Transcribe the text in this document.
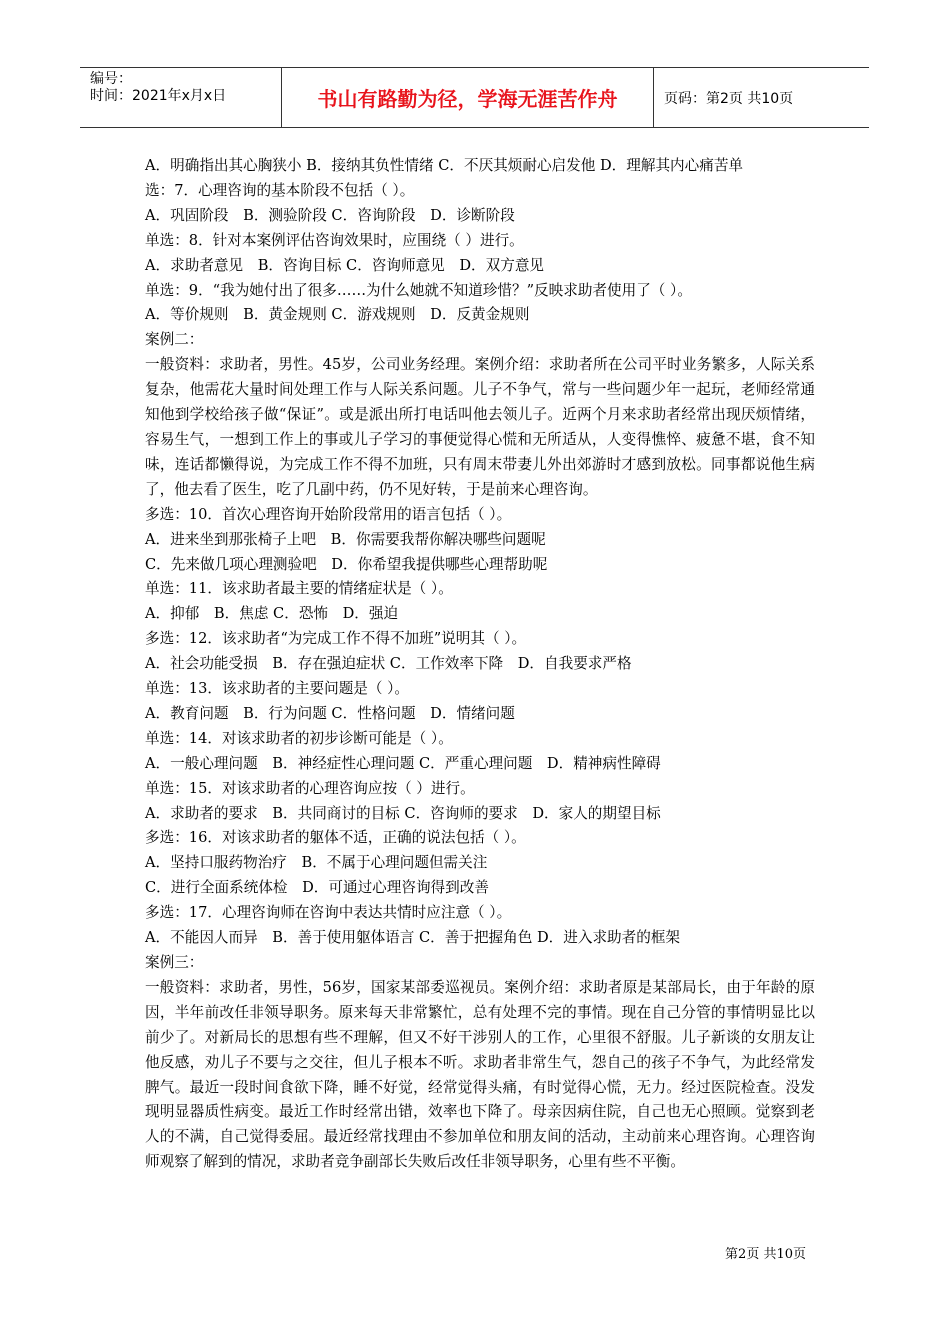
编号：
时间：2021年x月x日	书山有路勤为径，学海无涯苦作舟	页码：第2页 共10页
A．明确指出其心胸狭小 B．接纳其负性情绪 C．不厌其烦耐心启发他 D．理解其内心痛苦单
选：7．心理咨询的基本阶段不包括（ ）。
A．巩固阶段　B．测验阶段 C．咨询阶段　D．诊断阶段
单选：8．针对本案例评估咨询效果时，应围绕（ ）进行。
A．求助者意见　B．咨询目标 C．咨询师意见　D．双方意见
单选：9．“我为她付出了很多……为什么她就不知道珍惜？”反映求助者使用了（ ）。
A．等价规则　B．黄金规则 C．游戏规则　D．反黄金规则
案例二：
一般资料：求助者，男性。45岁，公司业务经理。案例介绍：求助者所在公司平时业务繁多，人际关系复杂，他需花大量时间处理工作与人际关系问题。儿子不争气，常与一些问题少年一起玩，老师经常通知他到学校给孩子做“保证”。或是派出所打电话叫他去领儿子。近两个月来求助者经常出现厌烦情绪，容易生气，一想到工作上的事或儿子学习的事便觉得心慌和无所适从，人变得憔悴、疲惫不堪，食不知味，连话都懒得说，为完成工作不得不加班，只有周末带妻儿外出郊游时才感到放松。同事都说他生病了，他去看了医生，吃了几副中药，仍不见好转，于是前来心理咨询。
多选：10．首次心理咨询开始阶段常用的语言包括（ ）。
A．进来坐到那张椅子上吧　B．你需要我帮你解决哪些问题呢
C．先来做几项心理测验吧　D．你希望我提供哪些心理帮助呢
单选：11．该求助者最主要的情绪症状是（ ）。
A．抑郁　B．焦虑 C．恐怖　D．强迫
多选：12．该求助者“为完成工作不得不加班”说明其（ ）。
A．社会功能受损　B．存在强迫症状 C．工作效率下降　D．自我要求严格
单选：13．该求助者的主要问题是（ ）。
A．教育问题　B．行为问题 C．性格问题　D．情绪问题
单选：14．对该求助者的初步诊断可能是（ ）。
A．一般心理问题　B．神经症性心理问题 C．严重心理问题　D．精神病性障碍
单选：15．对该求助者的心理咨询应按（ ）进行。
A．求助者的要求　B．共同商讨的目标 C．咨询师的要求　D．家人的期望目标
多选：16．对该求助者的躯体不适，正确的说法包括（ ）。
A．坚持口服药物治疗　B．不属于心理问题但需关注
C．进行全面系统体检　D．可通过心理咨询得到改善
多选：17．心理咨询师在咨询中表达共情时应注意（ ）。
A．不能因人而异　B．善于使用躯体语言 C．善于把握角色 D．进入求助者的框架
案例三：
一般资料：求助者，男性，56岁，国家某部委巡视员。案例介绍：求助者原是某部局长，由于年龄的原因，半年前改任非领导职务。原来每天非常繁忙，总有处理不完的事情。现在自己分管的事情明显比以前少了。对新局长的思想有些不理解，但又不好干涉别人的工作，心里很不舒服。儿子新谈的女朋友让他反感，劝儿子不要与之交往，但儿子根本不听。求助者非常生气，怨自己的孩子不争气，为此经常发脾气。最近一段时间食欲下降，睡不好觉，经常觉得头痛，有时觉得心慌，无力。经过医院检查。没发现明显器质性病变。最近工作时经常出错，效率也下降了。母亲因病住院，自己也无心照顾。觉察到老人的不满，自己觉得委屈。最近经常找理由不参加单位和朋友间的活动，主动前来心理咨询。心理咨询师观察了解到的情况，求助者竞争副部长失败后改任非领导职务，心里有些不平衡。
第2页 共10页
